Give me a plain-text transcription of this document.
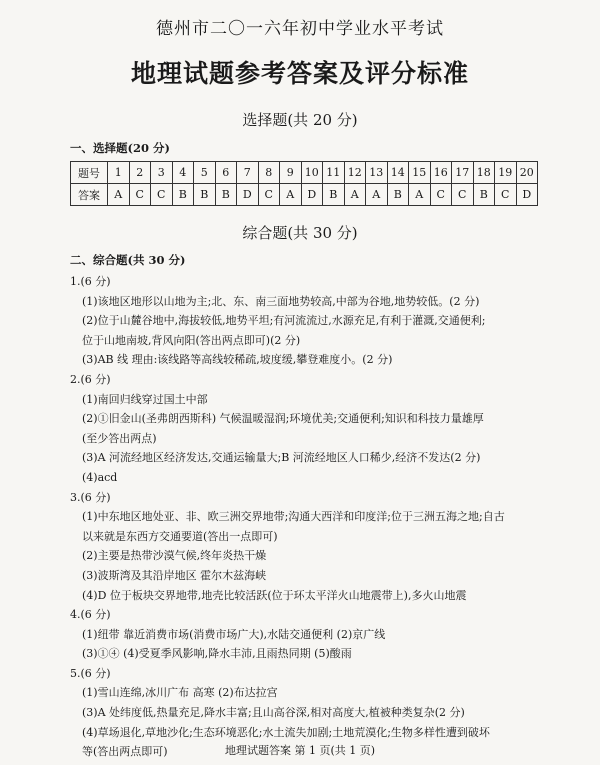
德州市二〇一六年初中学业水平考试
地理试题参考答案及评分标准
选择题(共 20 分)
一、选择题(20 分)
题号	1	2	3	4	5	6	7	8	9	10	11	12	13	14	15	16	17	18	19	20
答案	A	C	C	B	B	B	D	C	A	D	B	A	A	B	A	C	C	B	C	D
综合题(共 30 分)
二、综合题(共 30 分)
1.(6 分)
(1)该地区地形以山地为主;北、东、南三面地势较高,中部为谷地,地势较低。(2 分)
(2)位于山麓谷地中,海拔较低,地势平坦;有河流流过,水源充足,有利于灌溉,交通便利;
位于山地南坡,背风向阳(答出两点即可)(2 分)
(3)AB 线 理由:该线路等高线较稀疏,坡度缓,攀登难度小。(2 分)
2.(6 分)
(1)南回归线穿过国土中部
(2)①旧金山(圣弗朗西斯科) 气候温暖湿润;环境优美;交通便利;知识和科技力量雄厚
(至少答出两点)
(3)A 河流经地区经济发达,交通运输量大;B 河流经地区人口稀少,经济不发达(2 分)
(4)acd
3.(6 分)
(1)中东地区地处亚、非、欧三洲交界地带;沟通大西洋和印度洋;位于三洲五海之地;自古
以来就是东西方交通要道(答出一点即可)
(2)主要是热带沙漠气候,终年炎热干燥
(3)波斯湾及其沿岸地区 霍尔木兹海峡
(4)D 位于板块交界地带,地壳比较活跃(位于环太平洋火山地震带上),多火山地震
4.(6 分)
(1)纽带 靠近消费市场(消费市场广大),水陆交通便利 (2)京广线
(3)①④ (4)受夏季风影响,降水丰沛,且雨热同期 (5)酸雨
5.(6 分)
(1)雪山连绵,冰川广布 高寒 (2)布达拉宫
(3)A 处纬度低,热量充足,降水丰富;且山高谷深,相对高度大,植被种类复杂(2 分)
(4)草场退化,草地沙化;生态环境恶化;水土流失加剧;土地荒漠化;生物多样性遭到破坏
等(答出两点即可)	地理试题答案 第 1 页(共 1 页)
